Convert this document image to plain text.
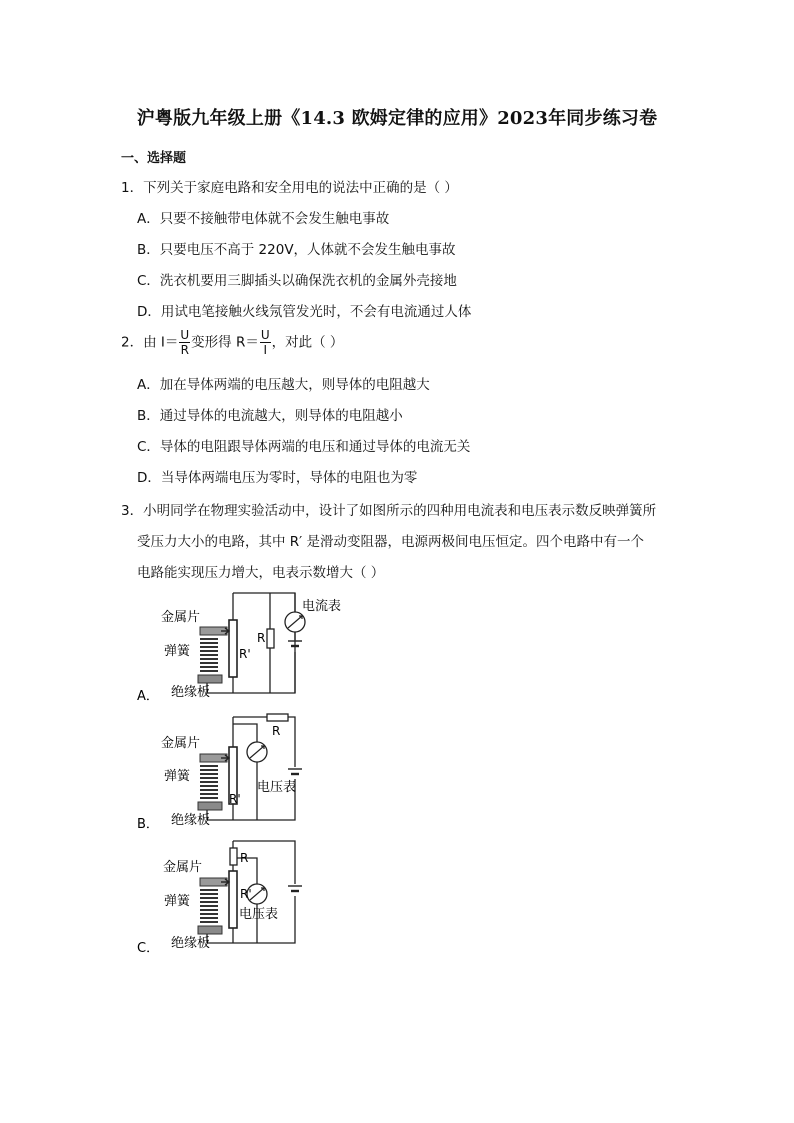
沪粤版九年级上册《14.3 欧姆定律的应用》2023年同步练习卷
一、选择题
1．下列关于家庭电路和安全用电的说法中正确的是（ ）
A．只要不接触带电体就不会发生触电事故
B．只要电压不高于 220V，人体就不会发生触电事故
C．洗衣机要用三脚插头以确保洗衣机的金属外壳接地
D．用试电笔接触火线氖管发光时，不会有电流通过人体
2．由 $I= \frac{U}{R}$ 变形得 $R= \frac{U}{I}$ ，对此（ ）
A．加在导体两端的电压越大，则导体的电阻越大
B．通过导体的电流越大，则导体的电阻越小
C．导体的电阻跟导体两端的电压和通过导体的电流无关
D．当导体两端电压为零时，导体的电阻也为零
3．小明同学在物理实验活动中，设计了如图所示的四种用电流表和电压表示数反映弹簧所
受压力大小的电路，其中 R′ 是滑动变阻器，电源两极间电压恒定。四个电路中有一个
电路能实现压力增大，电表示数增大（ ）
金属片
弹簧
绝缘板
R'
R
电流表
A．
金属片
弹簧
绝缘板
R'
R
电压表
B．
金属片
弹簧
绝缘板
R
R'
电压表
C．
